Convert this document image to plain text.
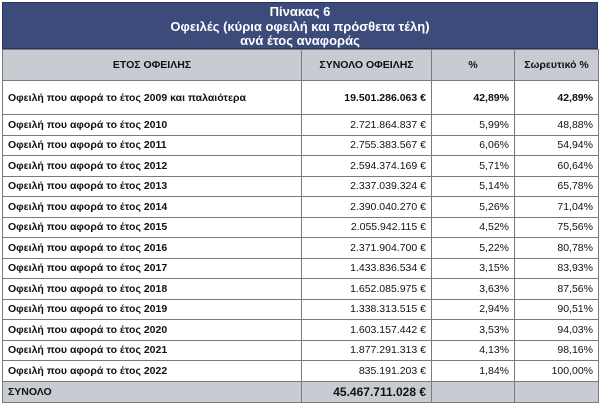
Πίνακας 6
Οφειλές (κύρια οφειλή και πρόσθετα τέλη)
ανά έτος αναφοράς
ΕΤΟΣ ΟΦΕΙΛΗΣ	ΣΥΝΟΛΟ ΟΦΕΙΛΗΣ	%	Σωρευτικό %
Οφειλή που αφορά το έτος 2009 και παλαιότερα	19.501.286.063 €	42,89%	42,89%
Οφειλή που αφορά το έτος 2010	2.721.864.837 €	5,99%	48,88%
Οφειλή που αφορά το έτος 2011	2.755.383.567 €	6,06%	54,94%
Οφειλή που αφορά το έτος 2012	2.594.374.169 €	5,71%	60,64%
Οφειλή που αφορά το έτος 2013	2.337.039.324 €	5,14%	65,78%
Οφειλή που αφορά το έτος 2014	2.390.040.270 €	5,26%	71,04%
Οφειλή που αφορά το έτος 2015	2.055.942.115 €	4,52%	75,56%
Οφειλή που αφορά το έτος 2016	2.371.904.700 €	5,22%	80,78%
Οφειλή που αφορά το έτος 2017	1.433.836.534 €	3,15%	83,93%
Οφειλή που αφορά το έτος 2018	1.652.085.975 €	3,63%	87,56%
Οφειλή που αφορά το έτος 2019	1.338.313.515 €	2,94%	90,51%
Οφειλή που αφορά το έτος 2020	1.603.157.442 €	3,53%	94,03%
Οφειλή που αφορά το έτος 2021	1.877.291.313 €	4,13%	98,16%
Οφειλή που αφορά το έτος 2022	835.191.203 €	1,84%	100,00%
ΣΥΝΟΛΟ	45.467.711.028 €		
